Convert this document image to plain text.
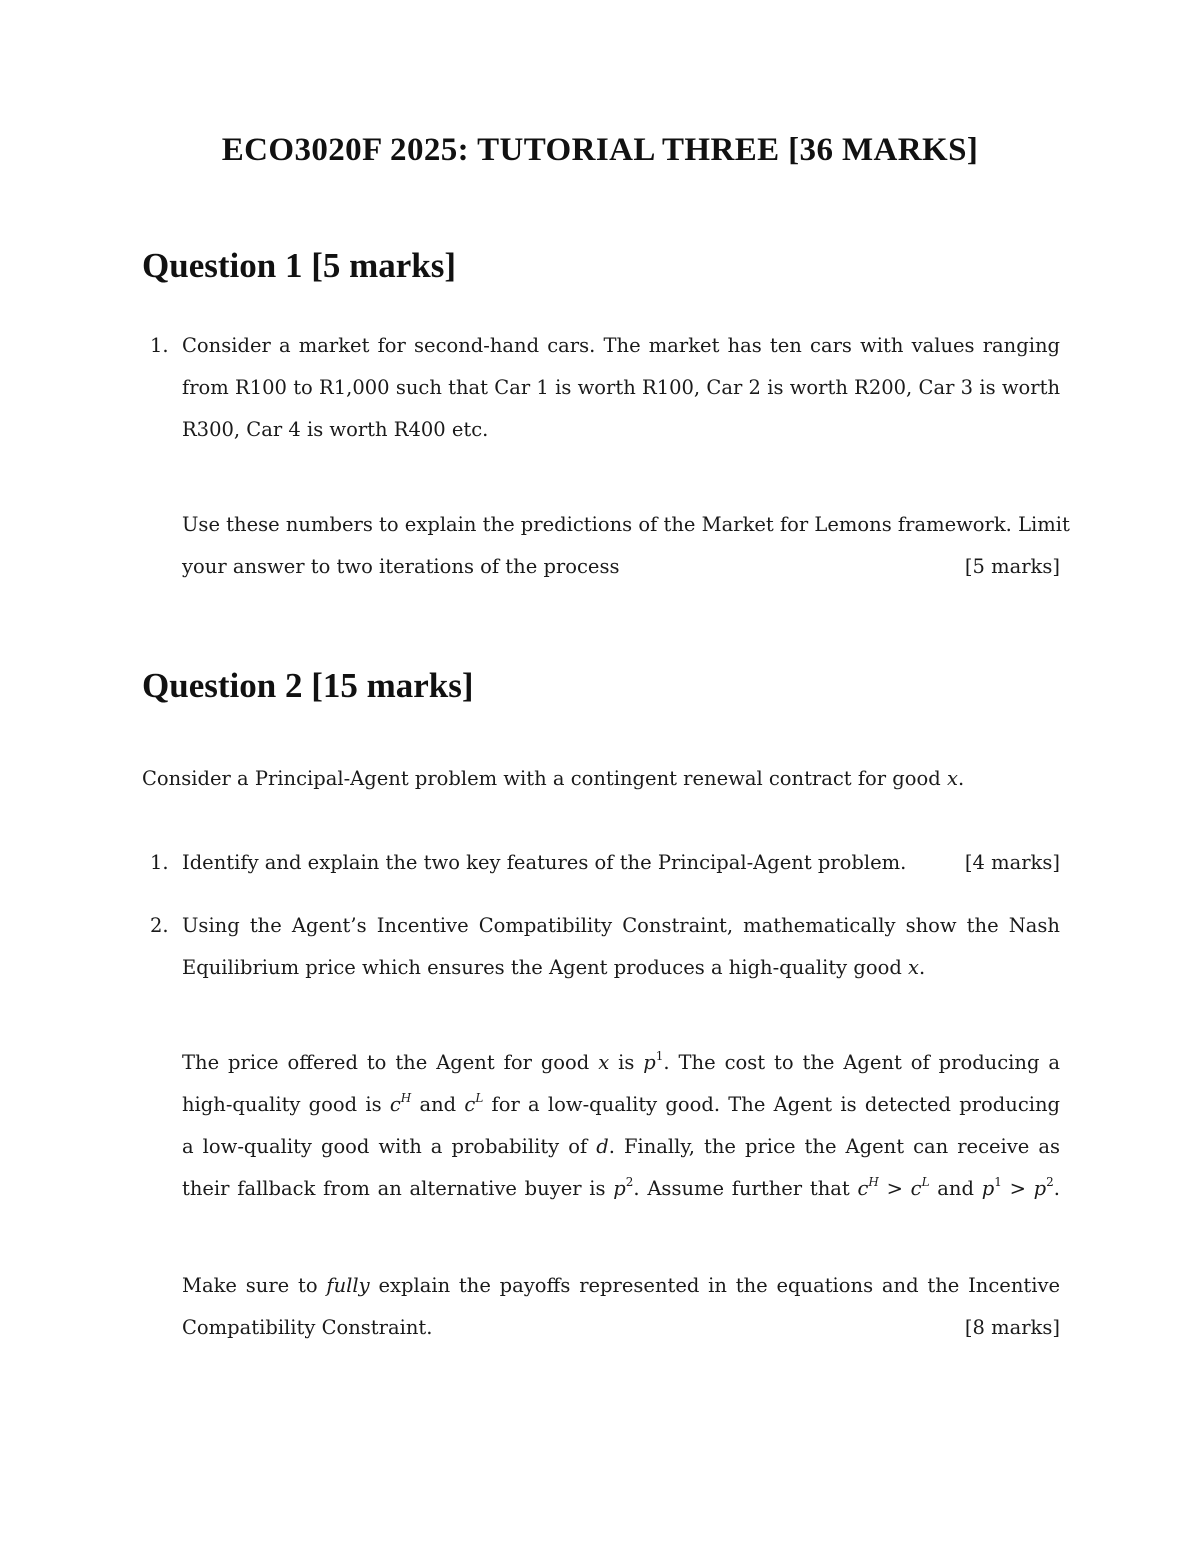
ECO3020F 2025: TUTORIAL THREE [36 MARKS]
Question 1 [5 marks]
1. Consider a market for second-hand cars. The market has ten cars with values ranging
from R100 to R1,000 such that Car 1 is worth R100, Car 2 is worth R200, Car 3 is worth
R300, Car 4 is worth R400 etc.
Use these numbers to explain the predictions of the Market for Lemons framework. Limit
your answer to two iterations of the process	[5 marks]
Question 2 [15 marks]
Consider a Principal-Agent problem with a contingent renewal contract for good x.
1. Identify and explain the two key features of the Principal-Agent problem.	[4 marks]
2. Using the Agent’s Incentive Compatibility Constraint, mathematically show the Nash
Equilibrium price which ensures the Agent produces a high-quality good x.
The price offered to the Agent for good x is $p^1$. The cost to the Agent of producing a
high-quality good is $c^H$ and $c^L$ for a low-quality good. The Agent is detected producing
a low-quality good with a probability of d. Finally, the price the Agent can receive as
their fallback from an alternative buyer is $p^2$. Assume further that $c^H > c^L$ and $p^1 > p^2$.
Make sure to fully explain the payoffs represented in the equations and the Incentive
Compatibility Constraint.	[8 marks]
